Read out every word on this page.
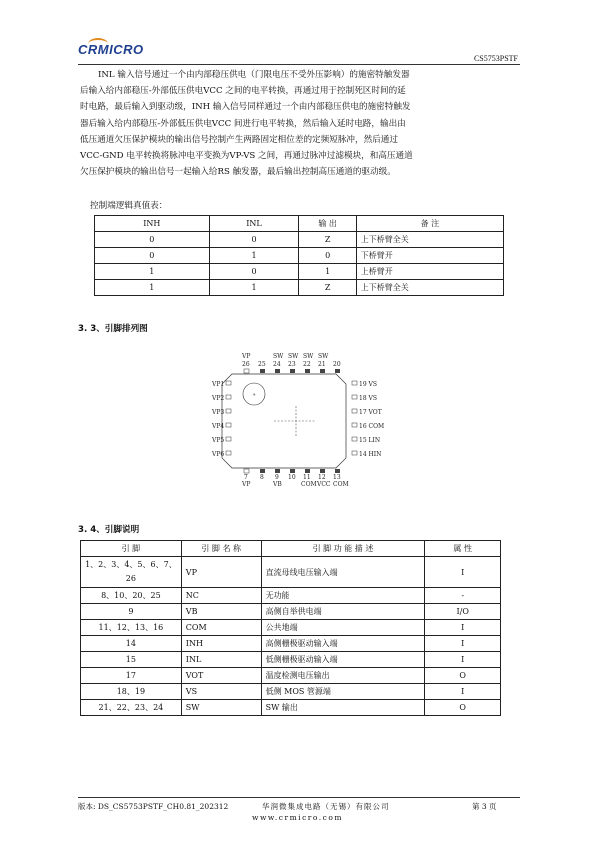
CRMICRO
CS5753PSTF
INL 输入信号通过一个由内部稳压供电（门限电压不受外压影响）的施密特触发器
后输入给内部稳压-外部低压供电VCC 之间的电平转换，再通过用于控制死区时间的延
时电路，最后输入到驱动级，INH 输入信号同样通过一个由内部稳压供电的施密特触发
器后输入给内部稳压-外部低压供电VCC 间进行电平转换，然后输入延时电路，输出由
低压通道欠压保护模块的输出信号控制产生两路固定相位差的定频短脉冲，然后通过
VCC-GND 电平转换将脉冲电平变换为VP-VS 之间，再通过脉冲过滤模块，和高压通道
欠压保护模块的输出信号一起输入给RS 触发器，最后输出控制高压通道的驱动级。
控制端逻辑真值表：
INH	INL	输 出	备 注
0	0	Z	上下桥臂全关
0	1	0	下桥臂开
1	0	1	上桥臂开
1	1	Z	上下桥臂全关
3. 3、引脚排列图
+
VP	SW SW SW SW
26 25 24 23 22 21 20
VP1
VP2
VP3
VP4
VP5
VP6
19 VS
18 VS
17 VOT
16 COM
15 LIN
14 HIN
7 8 9 10 11 12 13
VP	VB	COM VCC COM
3. 4、引脚说明
引 脚	引 脚 名 称	引 脚 功 能 描 述	属 性
1、2、3、4、5、6、7、26	VP	直流母线电压输入端	I
8、10、20、25	NC	无功能	-
9	VB	高侧自举供电端	I/O
11、12、13、16	COM	公共地端	I
14	INH	高侧栅极驱动输入端	I
15	INL	低侧栅极驱动输入端	I
17	VOT	温度检测电压输出	O
18、19	VS	低侧 MOS 管源端	I
21、22、23、24	SW	SW 输出	O
版本: DS_CS5753PSTF_CH0.81_202312	华润微集成电路（无锡）有限公司	第 3 页
www.crmicro.com
